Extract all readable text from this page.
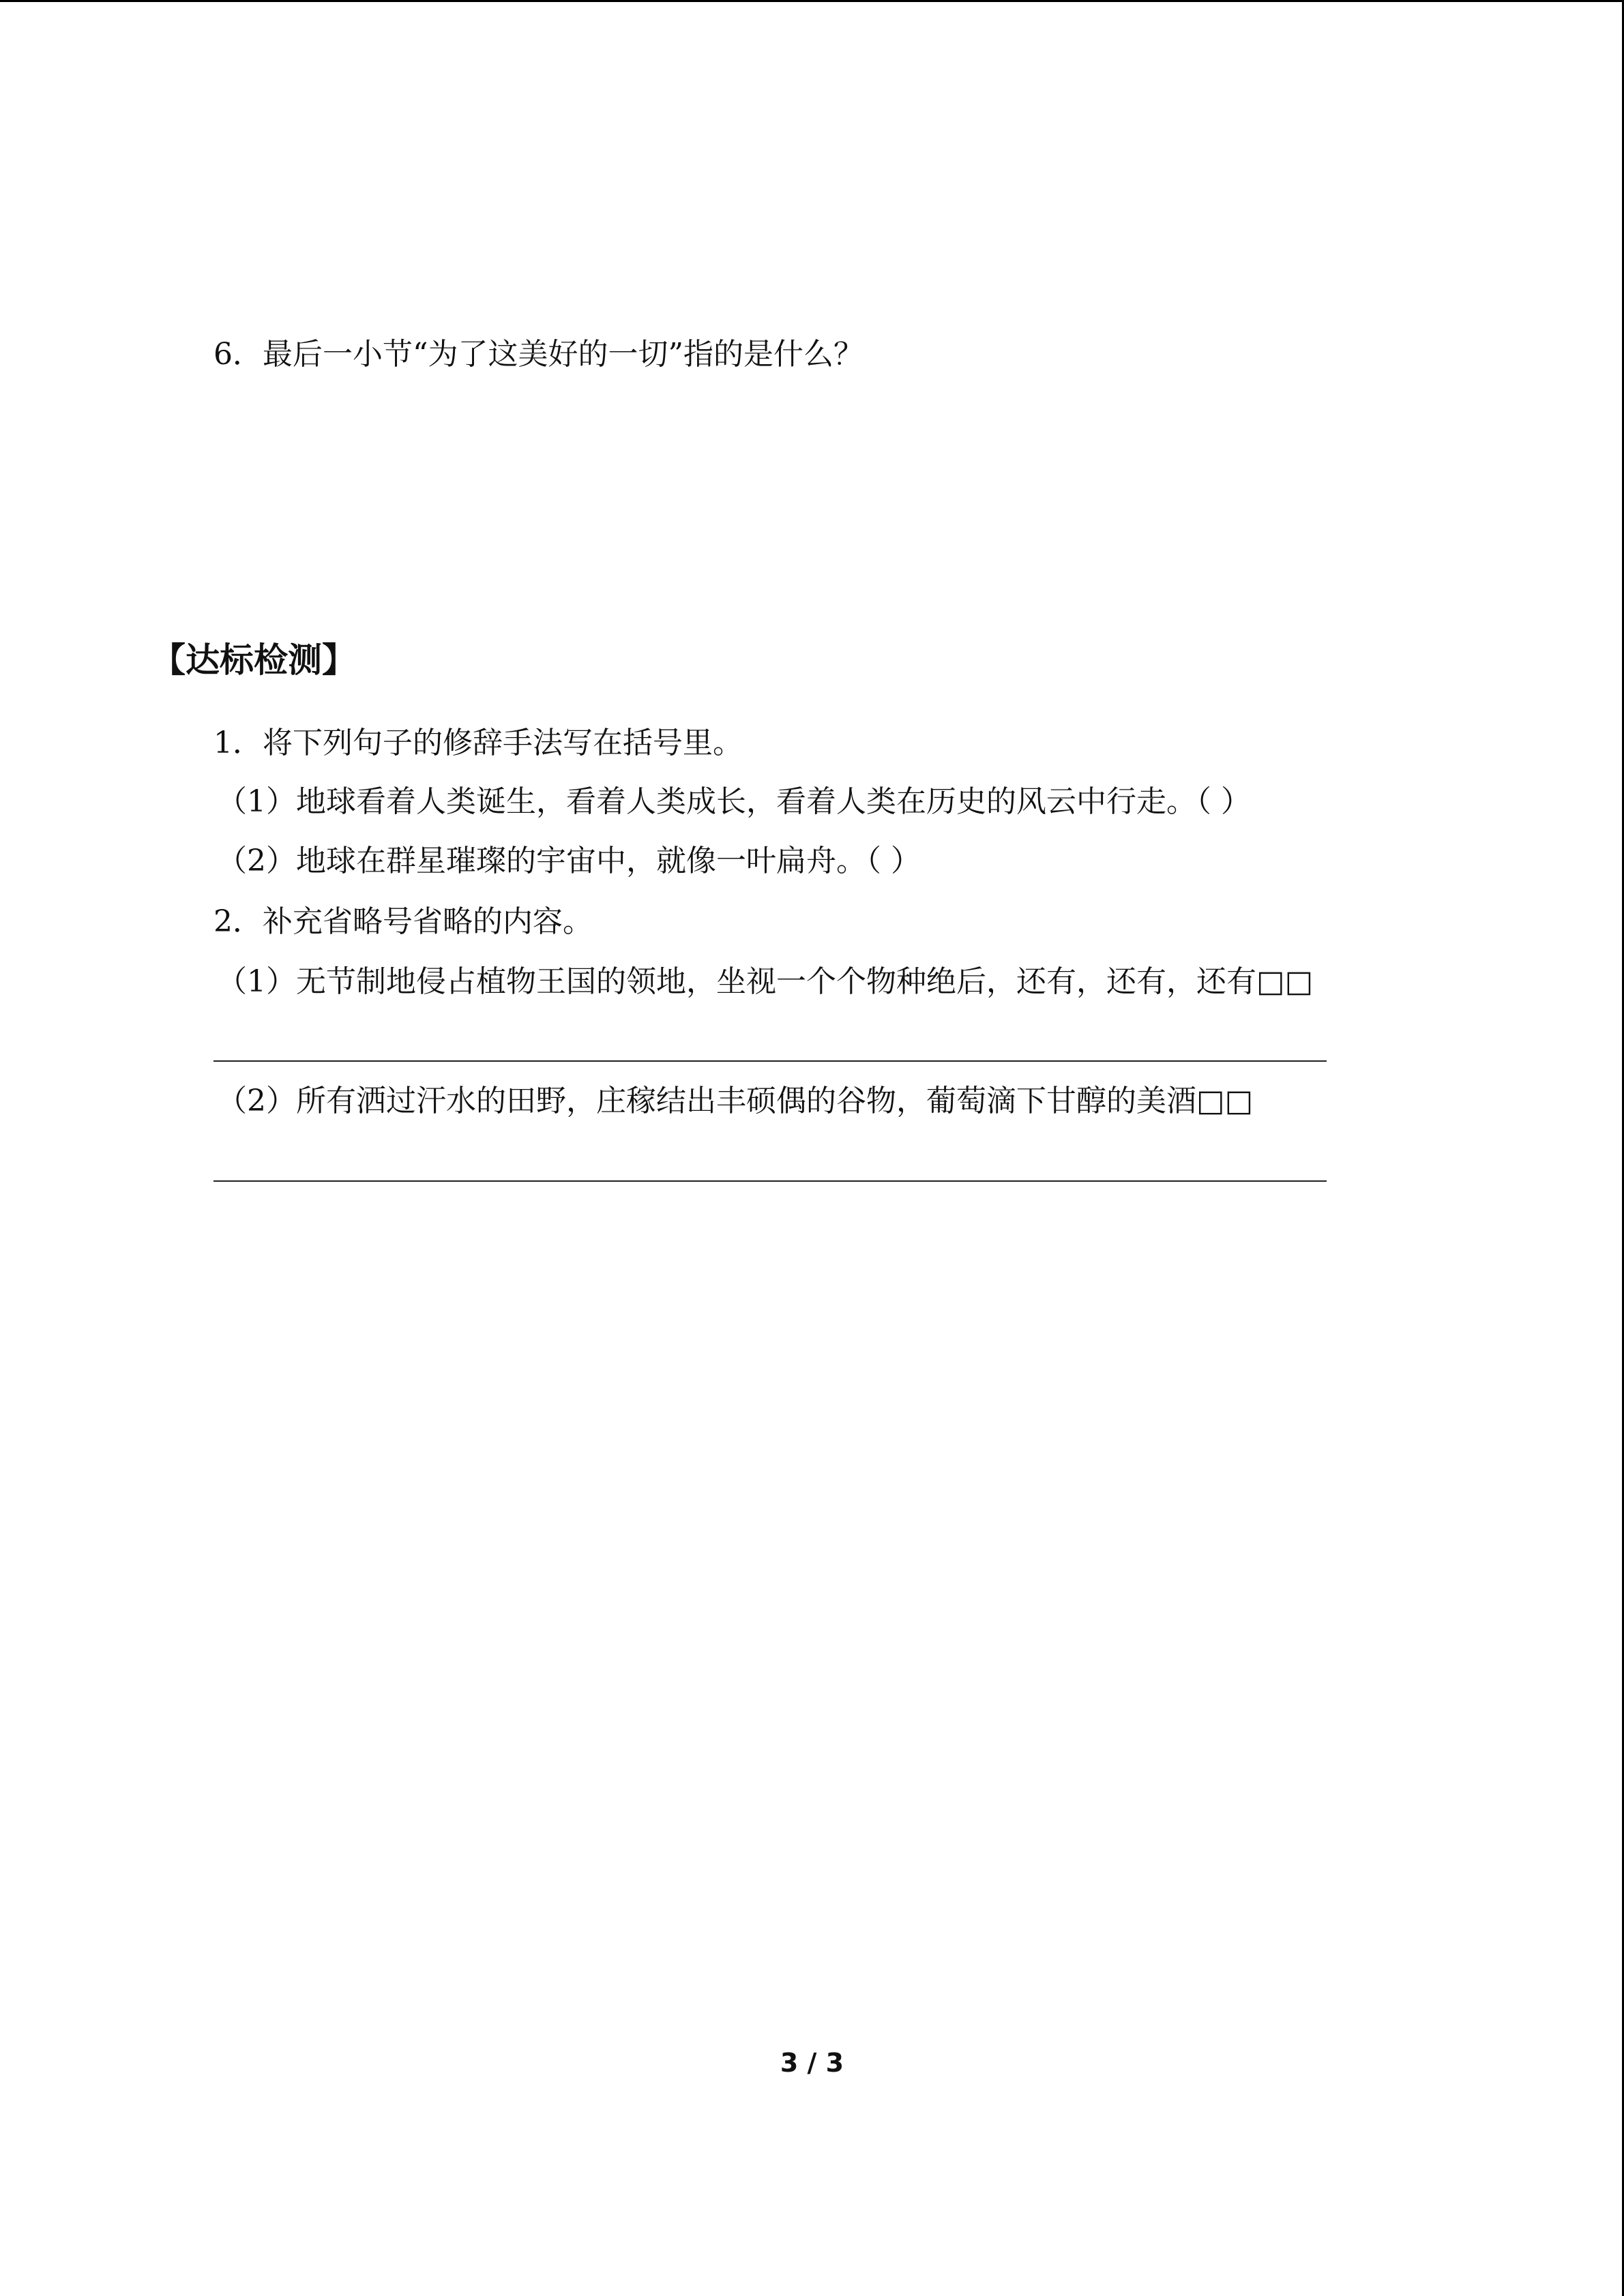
6．最后一小节“为了这美好的一切”指的是什么？
【达标检测】
1．将下列句子的修辞手法写在括号里。
（1）地球看着人类诞生，看着人类成长，看着人类在历史的风云中行走。（ ）
（2）地球在群星璀璨的宇宙中，就像一叶扁舟。（ ）
2．补充省略号省略的内容。
（1）无节制地侵占植物王国的领地，坐视一个个物种绝后，还有，还有，还有□□
（2）所有洒过汗水的田野，庄稼结出丰硕偶的谷物，葡萄滴下甘醇的美酒□□
3 / 3
